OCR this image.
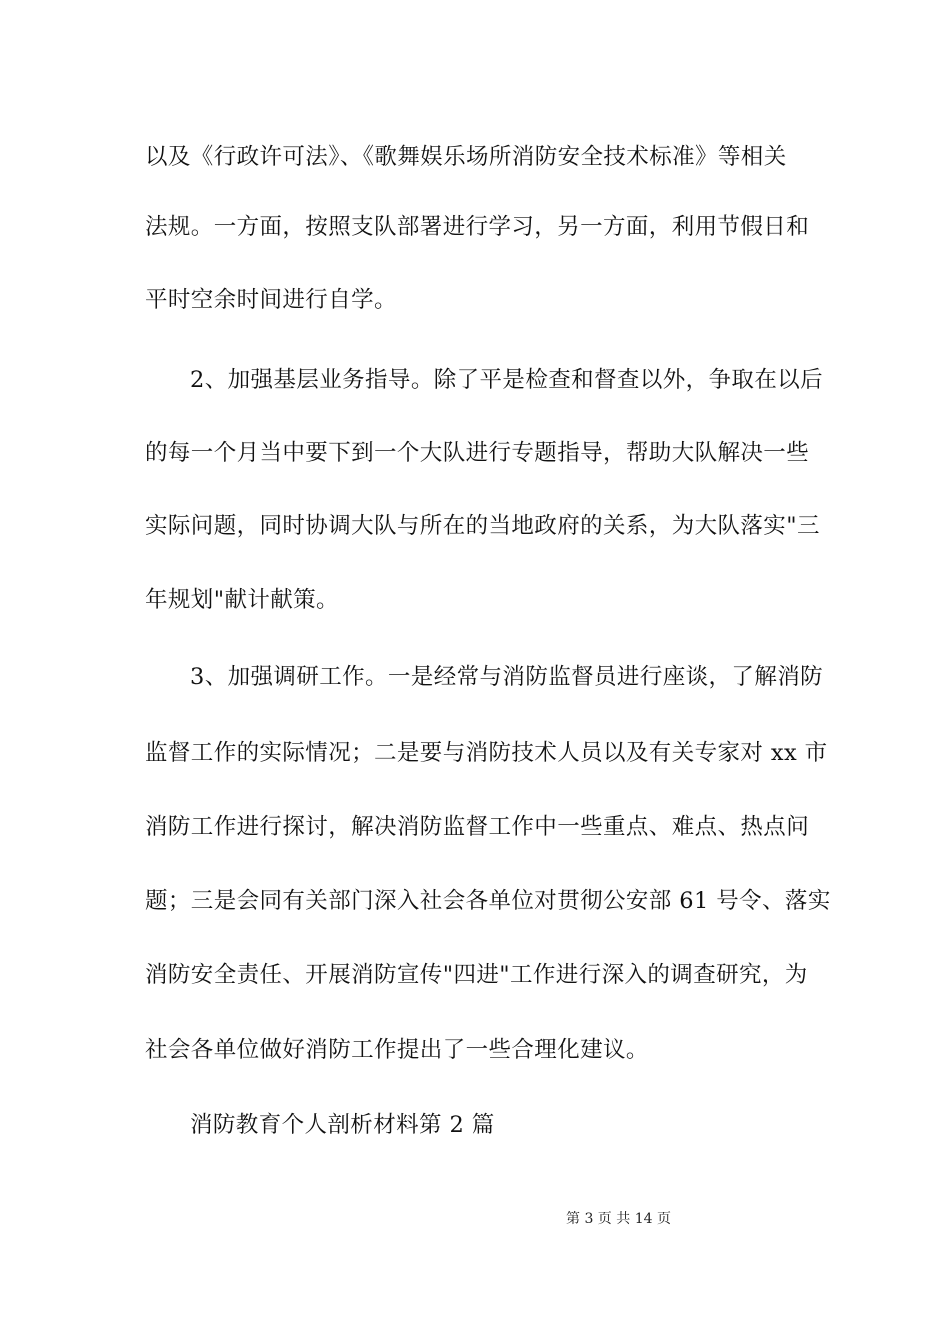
以及《行政许可法》、《歌舞娱乐场所消防安全技术标准》等相关
法规。一方面，按照支队部署进行学习，另一方面，利用节假日和
平时空余时间进行自学。
2、加强基层业务指导。除了平是检查和督查以外，争取在以后
的每一个月当中要下到一个大队进行专题指导，帮助大队解决一些
实际问题，同时协调大队与所在的当地政府的关系，为大队落实"三
年规划"献计献策。
3、加强调研工作。一是经常与消防监督员进行座谈，了解消防
监督工作的实际情况；二是要与消防技术人员以及有关专家对 xx 市
消防工作进行探讨，解决消防监督工作中一些重点、难点、热点问
题；三是会同有关部门深入社会各单位对贯彻公安部 61 号令、落实
消防安全责任、开展消防宣传"四进"工作进行深入的调查研究，为
社会各单位做好消防工作提出了一些合理化建议。
消防教育个人剖析材料第 2 篇
第 3 页 共 14 页
